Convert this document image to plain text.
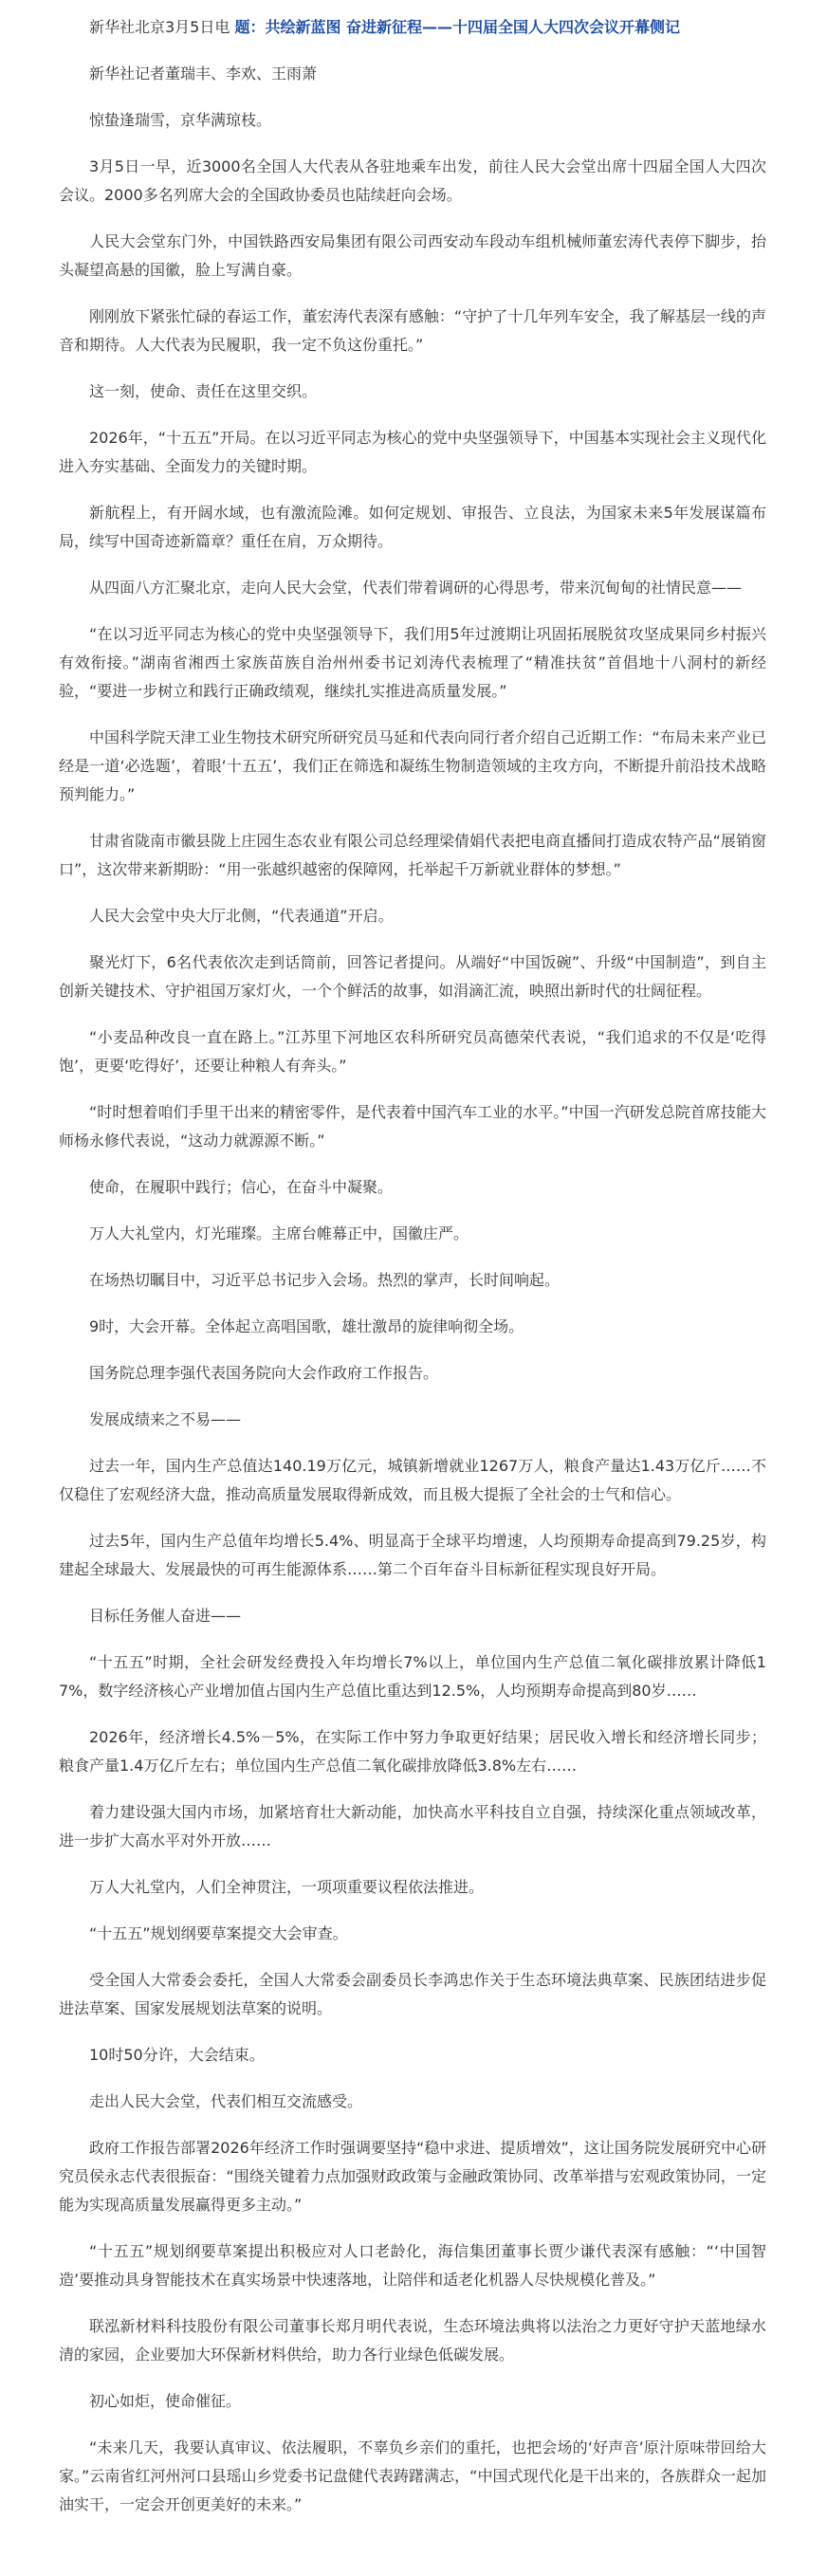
新华社北京3月5日电 题：共绘新蓝图 奋进新征程——十四届全国人大四次会议开幕侧记

新华社记者董瑞丰、李欢、王雨萧

惊蛰逢瑞雪，京华满琼枝。

3月5日一早，近3000名全国人大代表从各驻地乘车出发，前往人民大会堂出席十四届全国人大四次会议。2000多名列席大会的全国政协委员也陆续赶向会场。

人民大会堂东门外，中国铁路西安局集团有限公司西安动车段动车组机械师董宏涛代表停下脚步，抬头凝望高悬的国徽，脸上写满自豪。

刚刚放下紧张忙碌的春运工作，董宏涛代表深有感触：“守护了十几年列车安全，我了解基层一线的声音和期待。人大代表为民履职，我一定不负这份重托。”

这一刻，使命、责任在这里交织。

2026年，“十五五”开局。在以习近平同志为核心的党中央坚强领导下，中国基本实现社会主义现代化进入夯实基础、全面发力的关键时期。

新航程上，有开阔水域，也有激流险滩。如何定规划、审报告、立良法，为国家未来5年发展谋篇布局，续写中国奇迹新篇章？重任在肩，万众期待。

从四面八方汇聚北京，走向人民大会堂，代表们带着调研的心得思考，带来沉甸甸的社情民意——

“在以习近平同志为核心的党中央坚强领导下，我们用5年过渡期让巩固拓展脱贫攻坚成果同乡村振兴有效衔接。”湖南省湘西土家族苗族自治州州委书记刘涛代表梳理了“精准扶贫”首倡地十八洞村的新经验，“要进一步树立和践行正确政绩观，继续扎实推进高质量发展。”

中国科学院天津工业生物技术研究所研究员马延和代表向同行者介绍自己近期工作：“布局未来产业已经是一道‘必选题’，着眼‘十五五’，我们正在筛选和凝练生物制造领域的主攻方向，不断提升前沿技术战略预判能力。”

甘肃省陇南市徽县陇上庄园生态农业有限公司总经理梁倩娟代表把电商直播间打造成农特产品“展销窗口”，这次带来新期盼：“用一张越织越密的保障网，托举起千万新就业群体的梦想。”

人民大会堂中央大厅北侧，“代表通道”开启。

聚光灯下，6名代表依次走到话筒前，回答记者提问。从端好“中国饭碗”、升级“中国制造”，到自主创新关键技术、守护祖国万家灯火，一个个鲜活的故事，如涓滴汇流，映照出新时代的壮阔征程。

“小麦品种改良一直在路上。”江苏里下河地区农科所研究员高德荣代表说，“我们追求的不仅是‘吃得饱’，更要‘吃得好’，还要让种粮人有奔头。”

“时时想着咱们手里干出来的精密零件，是代表着中国汽车工业的水平。”中国一汽研发总院首席技能大师杨永修代表说，“这动力就源源不断。”

使命，在履职中践行；信心，在奋斗中凝聚。

万人大礼堂内，灯光璀璨。主席台帷幕正中，国徽庄严。

在场热切瞩目中，习近平总书记步入会场。热烈的掌声，长时间响起。

9时，大会开幕。全体起立高唱国歌，雄壮激昂的旋律响彻全场。

国务院总理李强代表国务院向大会作政府工作报告。

发展成绩来之不易——

过去一年，国内生产总值达140.19万亿元，城镇新增就业1267万人，粮食产量达1.43万亿斤……不仅稳住了宏观经济大盘，推动高质量发展取得新成效，而且极大提振了全社会的士气和信心。

过去5年，国内生产总值年均增长5.4%、明显高于全球平均增速，人均预期寿命提高到79.25岁，构建起全球最大、发展最快的可再生能源体系……第二个百年奋斗目标新征程实现良好开局。

目标任务催人奋进——

“十五五”时期，全社会研发经费投入年均增长7%以上，单位国内生产总值二氧化碳排放累计降低17%，数字经济核心产业增加值占国内生产总值比重达到12.5%，人均预期寿命提高到80岁……

2026年，经济增长4.5%－5%，在实际工作中努力争取更好结果；居民收入增长和经济增长同步；粮食产量1.4万亿斤左右；单位国内生产总值二氧化碳排放降低3.8%左右……

着力建设强大国内市场，加紧培育壮大新动能，加快高水平科技自立自强，持续深化重点领域改革，进一步扩大高水平对外开放……

万人大礼堂内，人们全神贯注，一项项重要议程依法推进。

“十五五”规划纲要草案提交大会审查。

受全国人大常委会委托，全国人大常委会副委员长李鸿忠作关于生态环境法典草案、民族团结进步促进法草案、国家发展规划法草案的说明。

10时50分许，大会结束。

走出人民大会堂，代表们相互交流感受。

政府工作报告部署2026年经济工作时强调要坚持“稳中求进、提质增效”，这让国务院发展研究中心研究员侯永志代表很振奋：“围绕关键着力点加强财政政策与金融政策协同、改革举措与宏观政策协同，一定能为实现高质量发展赢得更多主动。”

“十五五”规划纲要草案提出积极应对人口老龄化，海信集团董事长贾少谦代表深有感触：“‘中国智造’要推动具身智能技术在真实场景中快速落地，让陪伴和适老化机器人尽快规模化普及。”

联泓新材料科技股份有限公司董事长郑月明代表说，生态环境法典将以法治之力更好守护天蓝地绿水清的家园，企业要加大环保新材料供给，助力各行业绿色低碳发展。

初心如炬，使命催征。

“未来几天，我要认真审议、依法履职，不辜负乡亲们的重托，也把会场的‘好声音’原汁原味带回给大家。”云南省红河州河口县瑶山乡党委书记盘健代表踌躇满志，“中国式现代化是干出来的，各族群众一起加油实干，一定会开创更美好的未来。”
